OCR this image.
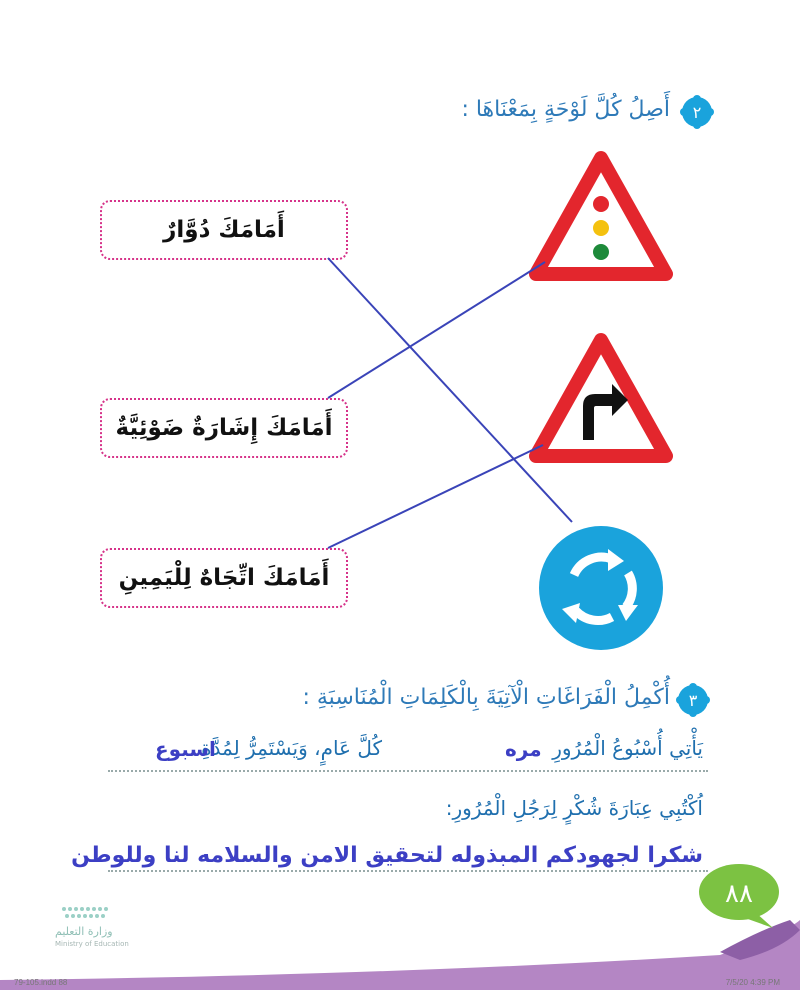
٢
أَصِلُ كُلَّ لَوْحَةٍ بِمَعْنَاهَا :
أَمَامَكَ دُوَّارٌ
أَمَامَكَ إِشَارَةٌ ضَوْئِيَّةٌ
أَمَامَكَ اتِّجَاهٌ لِلْيَمِينِ
٣
أُكْمِلُ الْفَرَاغَاتِ الْآتِيَةَ بِالْكَلِمَاتِ الْمُنَاسِبَةِ :
يَأْتِي أُسْبُوعُ الْمُرُورِ
مره
كُلَّ عَامٍ، وَيَسْتَمِرُّ لِمُدَّةِ
اسبوع
اُكْتُبِي عِبَارَةَ شُكْرٍ لِرَجُلِ الْمُرُورِ:
شكرا لجهودكم المبذوله لتحقيق الامن والسلامه لنا وللوطن
٨٨
وزارة التعليم
Ministry of Education
79-105.indd 88	7/5/20 4:39 PM
